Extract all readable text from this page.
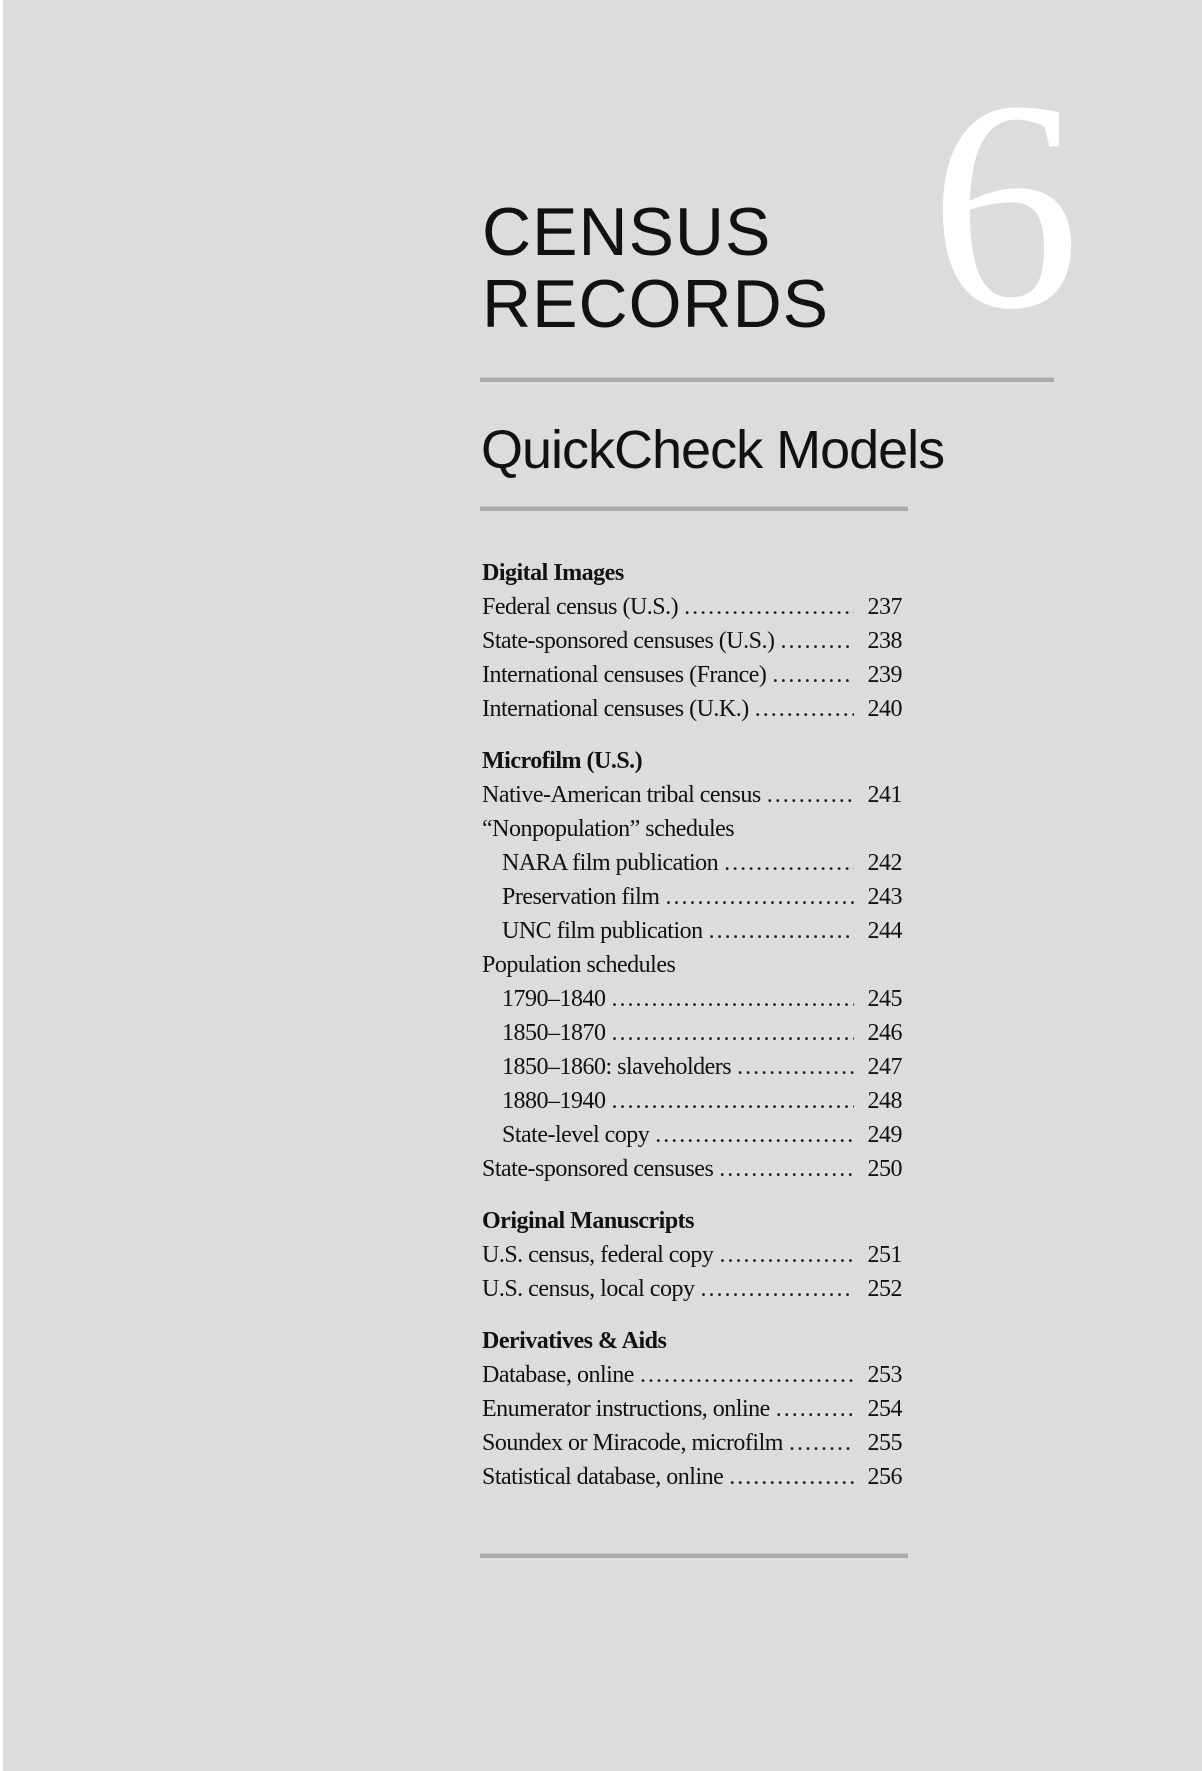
6
CENSUS
RECORDS
QuickCheck Models
Digital Images
Federal census (U.S.) . . .	237
State-sponsored censuses (U.S.) . . .	238
International censuses (France) . . .	239
International censuses (U.K.) . . .	240
Microfilm (U.S.)
Native-American tribal census . . .	241
“Nonpopulation” schedules
NARA film publication . . .	242
Preservation film . . .	243
UNC film publication . . .	244
Population schedules
1790–1840 . . .	245
1850–1870 . . .	246
1850–1860: slaveholders . . .	247
1880–1940 . . .	248
State-level copy . . .	249
State-sponsored censuses . . .	250
Original Manuscripts
U.S. census, federal copy . . .	251
U.S. census, local copy . . .	252
Derivatives & Aids
Database, online . . .	253
Enumerator instructions, online . . .	254
Soundex or Miracode, microfilm . . .	255
Statistical database, online . . .	256
